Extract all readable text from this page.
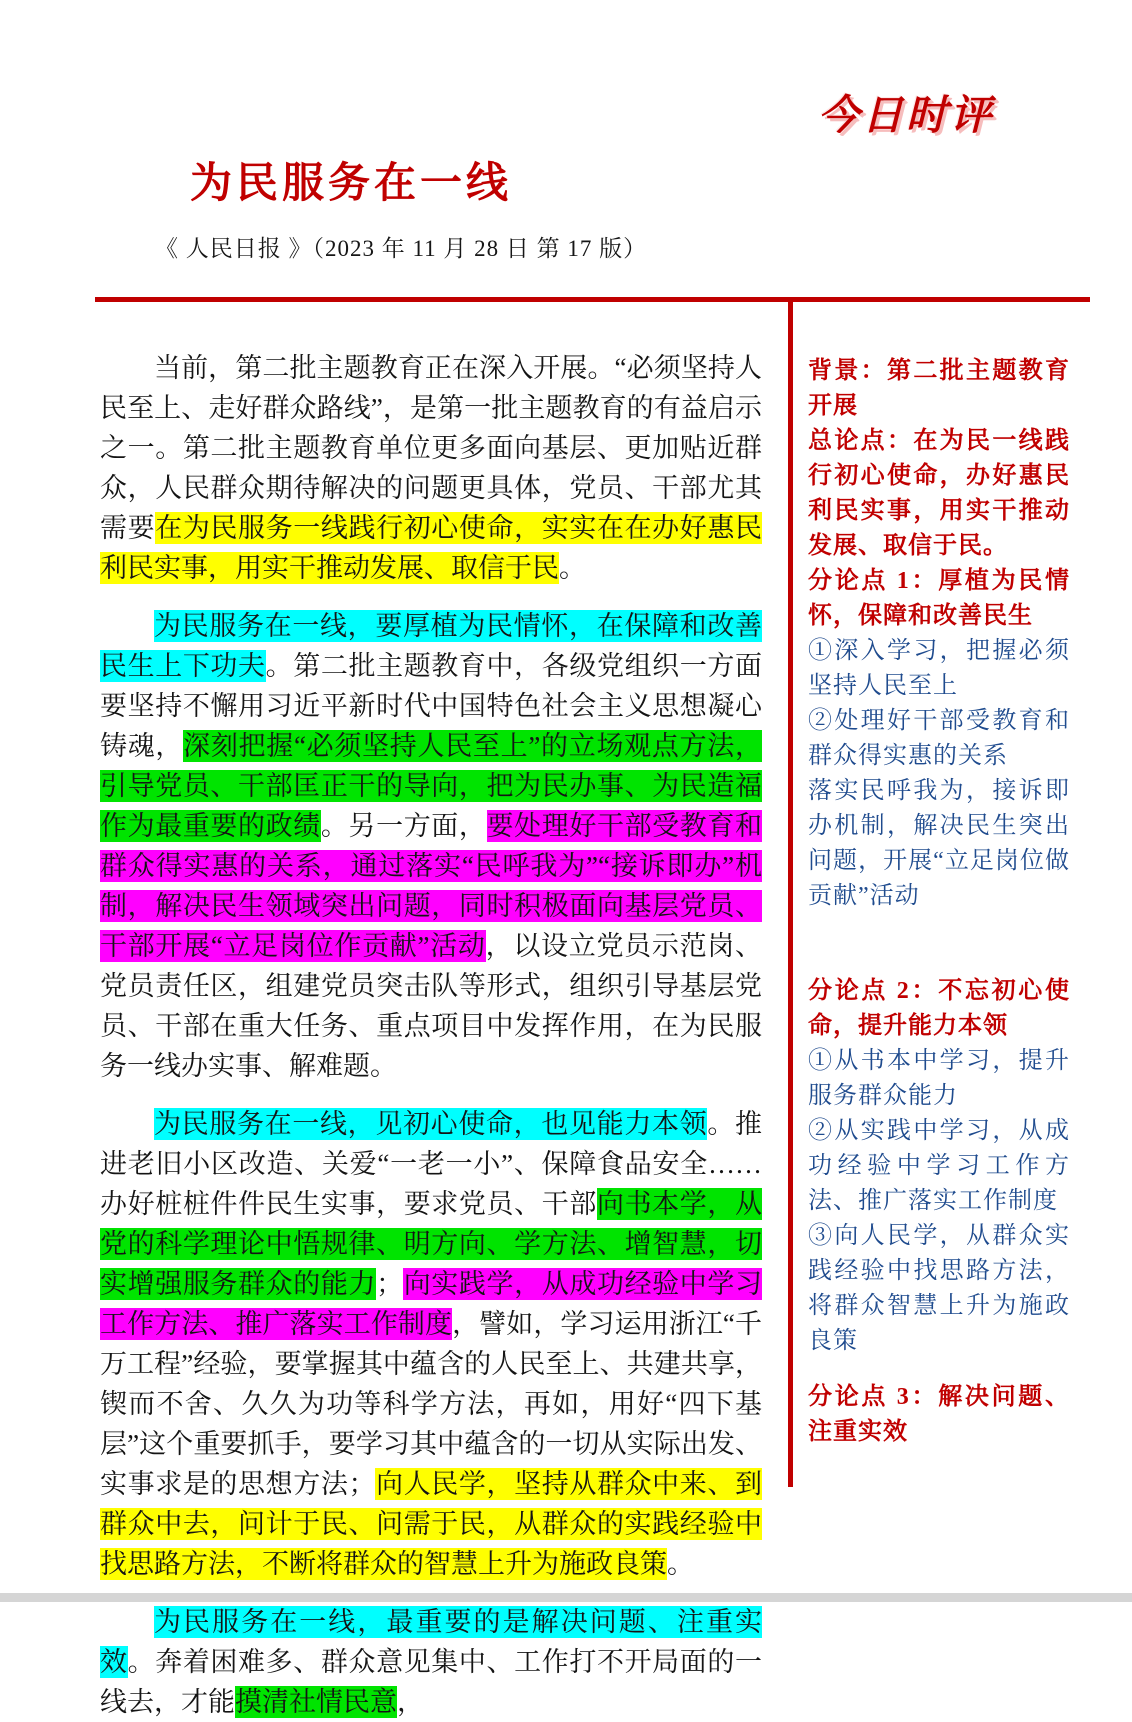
今日时评
为民服务在一线
《 人民日报 》（2023 年 11 月 28 日 第 17 版）

当前，第二批主题教育正在深入开展。“必须坚持人民至上、走好群众路线”，是第一批主题教育的有益启示之一。第二批主题教育单位更多面向基层、更加贴近群众，人民群众期待解决的问题更具体，党员、干部尤其需要在为民服务一线践行初心使命，实实在在办好惠民利民实事，用实干推动发展、取信于民。

为民服务在一线，要厚植为民情怀，在保障和改善民生上下功夫。第二批主题教育中，各级党组织一方面要坚持不懈用习近平新时代中国特色社会主义思想凝心铸魂，深刻把握“必须坚持人民至上”的立场观点方法，引导党员、干部匡正干的导向，把为民办事、为民造福作为最重要的政绩。另一方面，要处理好干部受教育和群众得实惠的关系，通过落实“民呼我为”“接诉即办”机制，解决民生领域突出问题，同时积极面向基层党员、干部开展“立足岗位作贡献”活动，以设立党员示范岗、党员责任区，组建党员突击队等形式，组织引导基层党员、干部在重大任务、重点项目中发挥作用，在为民服务一线办实事、解难题。

为民服务在一线，见初心使命，也见能力本领。推进老旧小区改造、关爱“一老一小”、保障食品安全……办好桩桩件件民生实事，要求党员、干部向书本学，从党的科学理论中悟规律、明方向、学方法、增智慧，切实增强服务群众的能力；向实践学，从成功经验中学习工作方法、推广落实工作制度，譬如，学习运用浙江“千万工程”经验，要掌握其中蕴含的人民至上、共建共享，锲而不舍、久久为功等科学方法，再如，用好“四下基层”这个重要抓手，要学习其中蕴含的一切从实际出发、实事求是的思想方法；向人民学，坚持从群众中来、到群众中去，问计于民、问需于民，从群众的实践经验中找思路方法，不断将群众的智慧上升为施政良策。

为民服务在一线，最重要的是解决问题、注重实效。奔着困难多、群众意见集中、工作打不开局面的一线去，才能摸清社情民意，

背景：第二批主题教育开展
总论点：在为民一线践行初心使命，办好惠民利民实事，用实干推动发展、取信于民。
分论点 1：厚植为民情怀，保障和改善民生
①深入学习，把握必须坚持人民至上
②处理好干部受教育和群众得实惠的关系
落实民呼我为，接诉即办机制，解决民生突出问题，开展“立足岗位做贡献”活动
分论点 2：不忘初心使命，提升能力本领
①从书本中学习，提升服务群众能力
②从实践中学习，从成功经验中学习工作方法、推广落实工作制度
③向人民学，从群众实践经验中找思路方法，将群众智慧上升为施政良策
分论点 3：解决问题、注重实效
